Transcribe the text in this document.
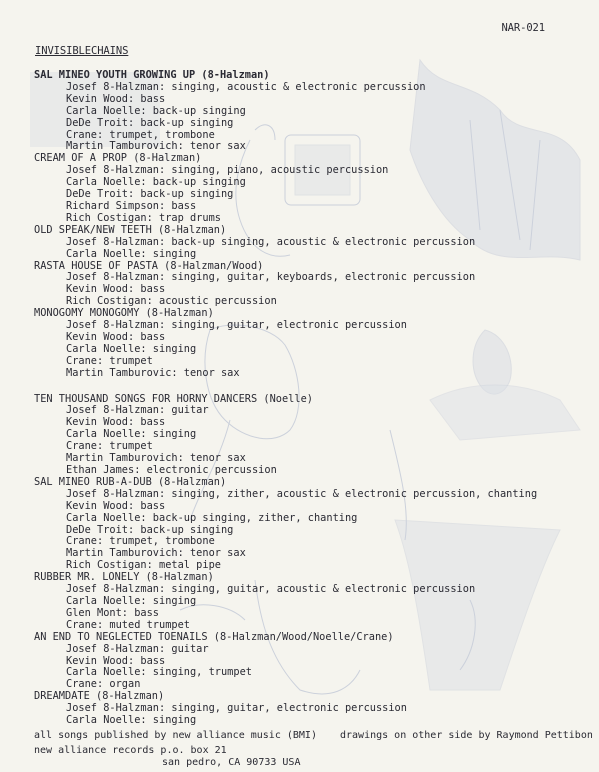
NAR-021
INVISIBLECHAINS
SAL MINEO YOUTH GROWING UP (8-Halzman)
Josef 8-Halzman: singing, acoustic & electronic percussion
Kevin Wood: bass
Carla Noelle: back-up singing
DeDe Troit: back-up singing
Crane: trumpet, trombone
Martin Tamburovich: tenor sax
CREAM OF A PROP (8-Halzman)
Josef 8-Halzman: singing, piano, acoustic percussion
Carla Noelle: back-up singing
DeDe Troit: back-up singing
Richard Simpson: bass
Rich Costigan: trap drums
OLD SPEAK/NEW TEETH (8-Halzman)
Josef 8-Halzman: back-up singing, acoustic & electronic percussion
Carla Noelle: singing
RASTA HOUSE OF PASTA (8-Halzman/Wood)
Josef 8-Halzman: singing, guitar, keyboards, electronic percussion
Kevin Wood: bass
Rich Costigan: acoustic percussion
MONOGOMY MONOGOMY (8-Halzman)
Josef 8-Halzman: singing, guitar, electronic percussion
Kevin Wood: bass
Carla Noelle: singing
Crane: trumpet
Martin Tamburovic: tenor sax
TEN THOUSAND SONGS FOR HORNY DANCERS (Noelle)
Josef 8-Halzman: guitar
Kevin Wood: bass
Carla Noelle: singing
Crane: trumpet
Martin Tamburovich: tenor sax
Ethan James: electronic percussion
SAL MINEO RUB-A-DUB (8-Halzman)
Josef 8-Halzman: singing, zither, acoustic & electronic percussion, chanting
Kevin Wood: bass
Carla Noelle: back-up singing, zither, chanting
DeDe Troit: back-up singing
Crane: trumpet, trombone
Martin Tamburovich: tenor sax
Rich Costigan: metal pipe
RUBBER MR. LONELY (8-Halzman)
Josef 8-Halzman: singing, guitar, acoustic & electronic percussion
Carla Noelle: singing
Glen Mont: bass
Crane: muted trumpet
AN END TO NEGLECTED TOENAILS (8-Halzman/Wood/Noelle/Crane)
Josef 8-Halzman: guitar
Kevin Wood: bass
Carla Noelle: singing, trumpet
Crane: organ
DREAMDATE (8-Halzman)
Josef 8-Halzman: singing, guitar, electronic percussion
Carla Noelle: singing
all songs published by new alliance music (BMI) drawings on other side by Raymond Pettibon
new alliance records p.o. box 21
san pedro, CA 90733 USA
